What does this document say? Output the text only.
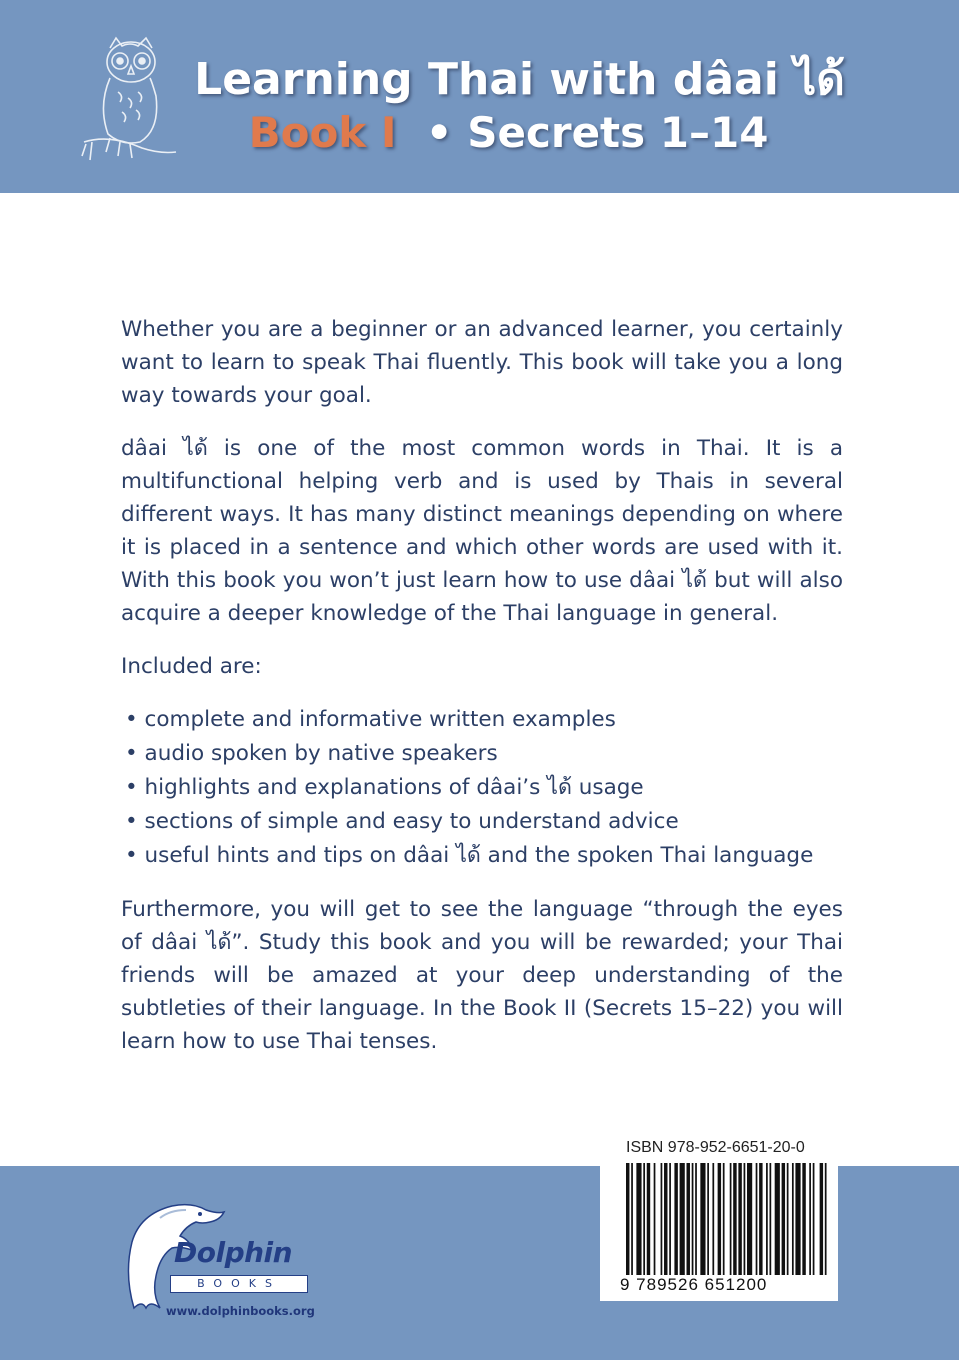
Learning Thai with dâai ได้
Book I • Secrets 1–14

Whether you are a beginner or an advanced learner, you certainly want to learn to speak Thai fluently. This book will take you a long way towards your goal.

dâai ได้ is one of the most common words in Thai. It is a multifunctional helping verb and is used by Thais in several different ways. It has many distinct meanings depending on where it is placed in a sentence and which other words are used with it. With this book you won’t just learn how to use dâai ได้ but will also acquire a deeper knowledge of the Thai language in general.

Included are:

• complete and informative written examples
• audio spoken by native speakers
• highlights and explanations of dâai’s ได้ usage
• sections of simple and easy to understand advice
• useful hints and tips on dâai ได้ and the spoken Thai language

Furthermore, you will get to see the language “through the eyes of dâai ได้”. Study this book and you will be rewarded; your Thai friends will be amazed at your deep understanding of the subtleties of their language. In the Book II (Secrets 15–22) you will learn how to use Thai tenses.

Dolphin
BOOKS
www.dolphinbooks.org
ISBN 978-952-6651-20-0
9 789526 651200
